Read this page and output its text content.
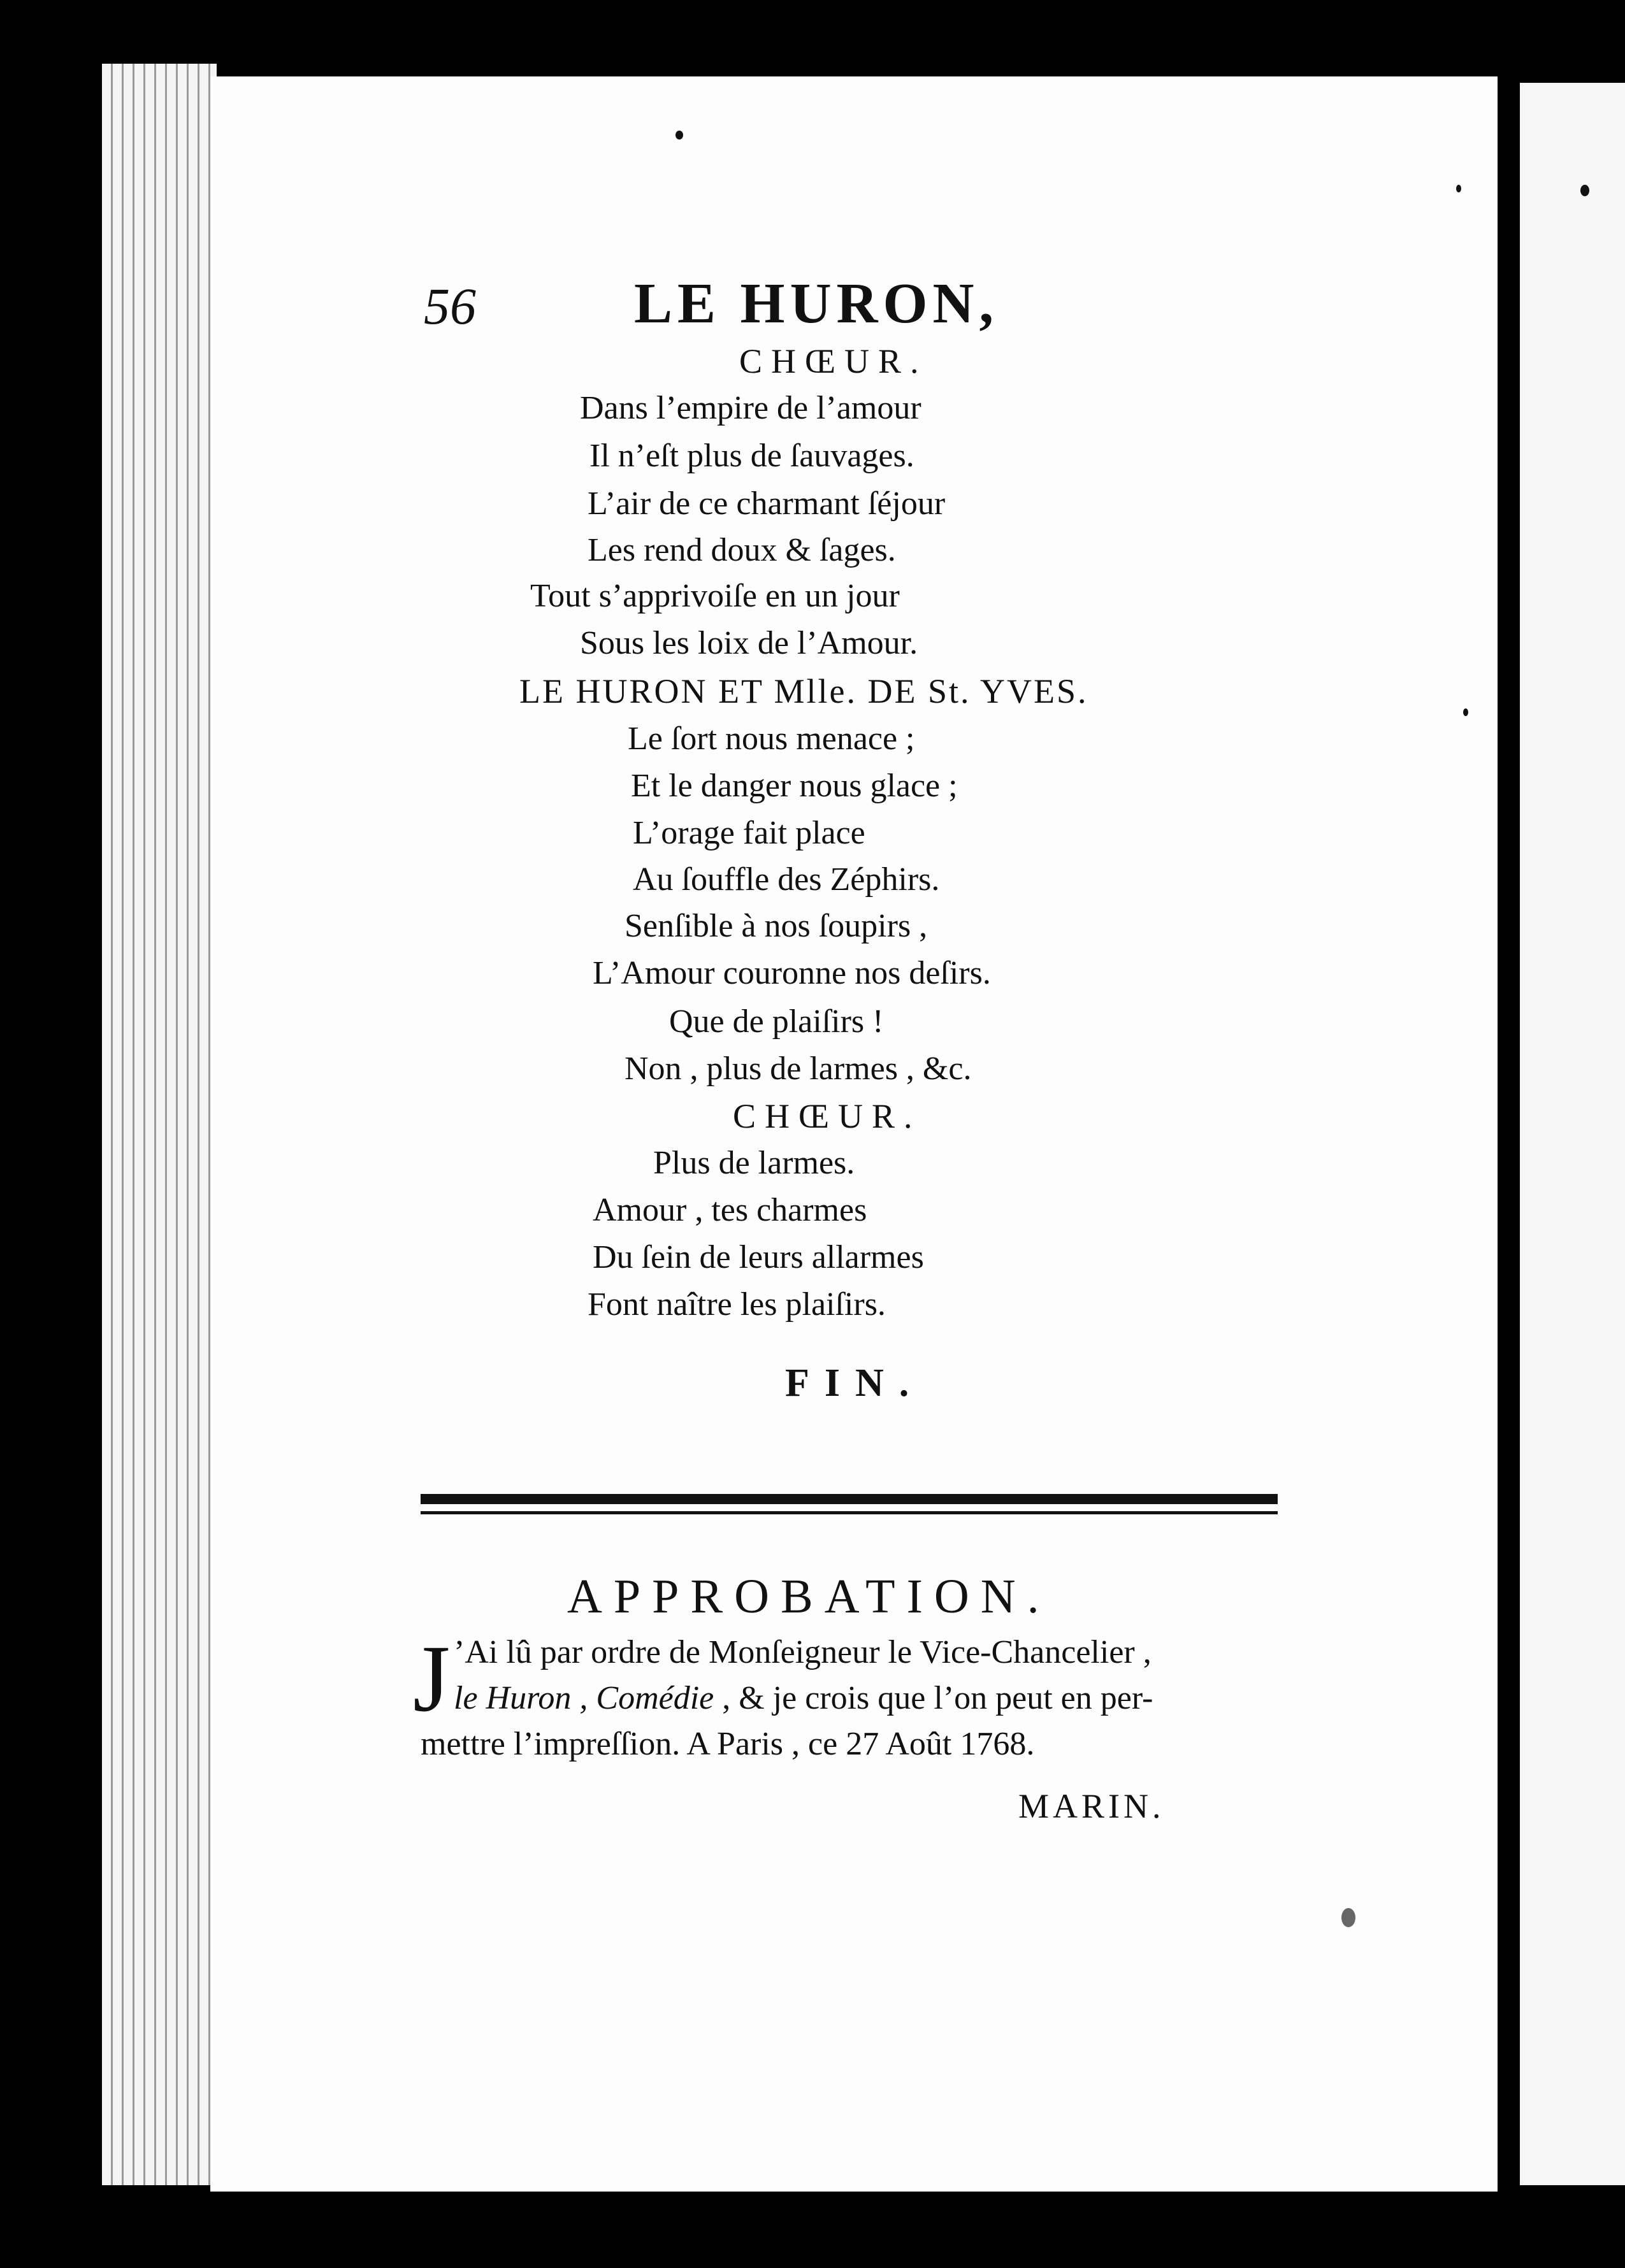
56	LE HURON,
CHŒUR.
Dans l’empire de l’amour
Il n’eſt plus de ſauvages.
L’air de ce charmant ſéjour
Les rend doux & ſages.
Tout s’apprivoiſe en un jour
Sous les loix de l’Amour.
LE HURON ET Mlle. DE St. YVES.
Le ſort nous menace ;
Et le danger nous glace ;
L’orage fait place
Au ſouffle des Zéphirs.
Senſible à nos ſoupirs ,
L’Amour couronne nos deſirs.
Que de plaiſirs !
Non , plus de larmes , &c.
CHŒUR.
Plus de larmes.
Amour , tes charmes
Du ſein de leurs allarmes
Font naître les plaiſirs.
FIN.
APPROBATION.
J ’Ai lû par ordre de Monſeigneur le Vice-Chancelier ,
le Huron , Comédie , & je crois que l’on peut en per-
mettre l’impreſſion. A Paris , ce 27 Août 1768.
MARIN.
